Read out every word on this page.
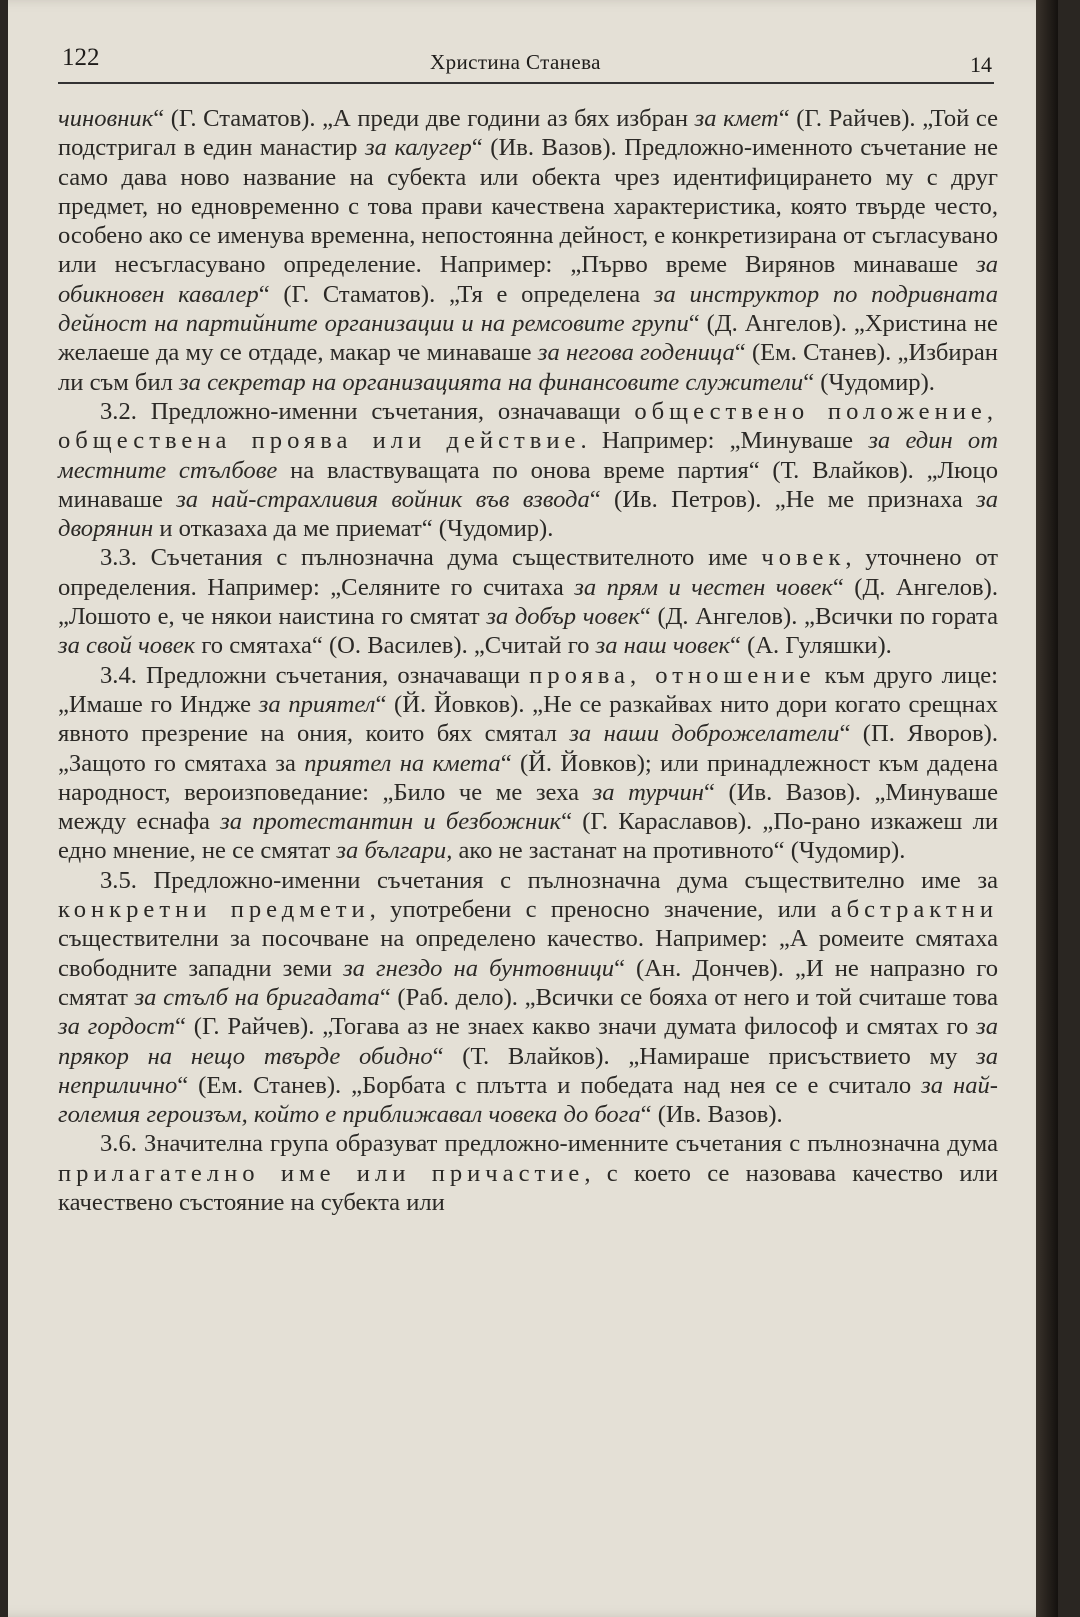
122	Христина Станева	14

чиновник“ (Г. Стаматов). „А преди две години аз бях избран за кмет“ (Г. Райчев). „Той се подстригал в един манастир за калугер“ (Ив. Вазов). Предложно-именното съчетание не само дава ново название на субекта или обекта чрез идентифицирането му с друг предмет, но едновременно с това прави качествена характеристика, която твърде често, особено ако се именува временна, непостоянна дейност, е конкретизирана от съгласувано или несъгласувано определение. Например: „Първо време Вирянов минаваше за обикновен кавалер“ (Г. Стаматов). „Тя е определена за инструктор по подривната дейност на партийните организации и на ремсовите групи“ (Д. Ангелов). „Христина не желаеше да му се отдаде, макар че минаваше за негова годеница“ (Ем. Станев). „Избиран ли съм бил за секретар на организацията на финансовите служители“ (Чудомир).

3.2. Предложно-именни съчетания, означаващи обществено положение, обществена проява или действие. Например: „Минуваше за един от местните стълбове на властвуващата по онова време партия“ (Т. Влайков). „Люцо минаваше за най-страхливия войник във взвода“ (Ив. Петров). „Не ме признаха за дворянин и отказаха да ме приемат“ (Чудомир).

3.3. Съчетания с пълнозначна дума съществителното име човек, уточнено от определения. Например: „Селяните го считаха за прям и честен човек“ (Д. Ангелов). „Лошото е, че някои наистина го смятат за добър човек“ (Д. Ангелов). „Всички по гората за свой човек го смятаха“ (О. Василев). „Считай го за наш човек“ (А. Гуляшки).

3.4. Предложни съчетания, означаващи проява, отношение към друго лице: „Имаше го Индже за приятел“ (Й. Йовков). „Не се разкайвах нито дори когато срещнах явното презрение на ония, които бях смятал за наши доброжелатели“ (П. Яворов). „Защото го смятаха за приятел на кмета“ (Й. Йовков); или принадлежност към дадена народност, вероизповедание: „Било че ме зеха за турчин“ (Ив. Вазов). „Минуваше между еснафа за протестантин и безбожник“ (Г. Караславов). „По-рано изкажеш ли едно мнение, не се смятат за българи, ако не застанат на противното“ (Чудомир).

3.5. Предложно-именни съчетания с пълнозначна дума съществително име за конкретни предмети, употребени с преносно значение, или абстрактни съществителни за посочване на определено качество. Например: „А ромеите смятаха свободните западни земи за гнездо на бунтовници“ (Ан. Дончев). „И не напразно го смятат за стълб на бригадата“ (Раб. дело). „Всички се бояха от него и той считаше това за гордост“ (Г. Райчев). „Тогава аз не знаех какво значи думата философ и смятах го за прякор на нещо твърде обидно“ (Т. Влайков). „Намираше присъствието му за неприлично“ (Ем. Станев). „Борбата с плътта и победата над нея се е считало за най-големия героизъм, който е приближавал човека до бога“ (Ив. Вазов).

3.6. Значителна група образуват предложно-именните съчетания с пълнозначна дума прилагателно име или причастие, с което се назовава качество или качествено състояние на субекта или
